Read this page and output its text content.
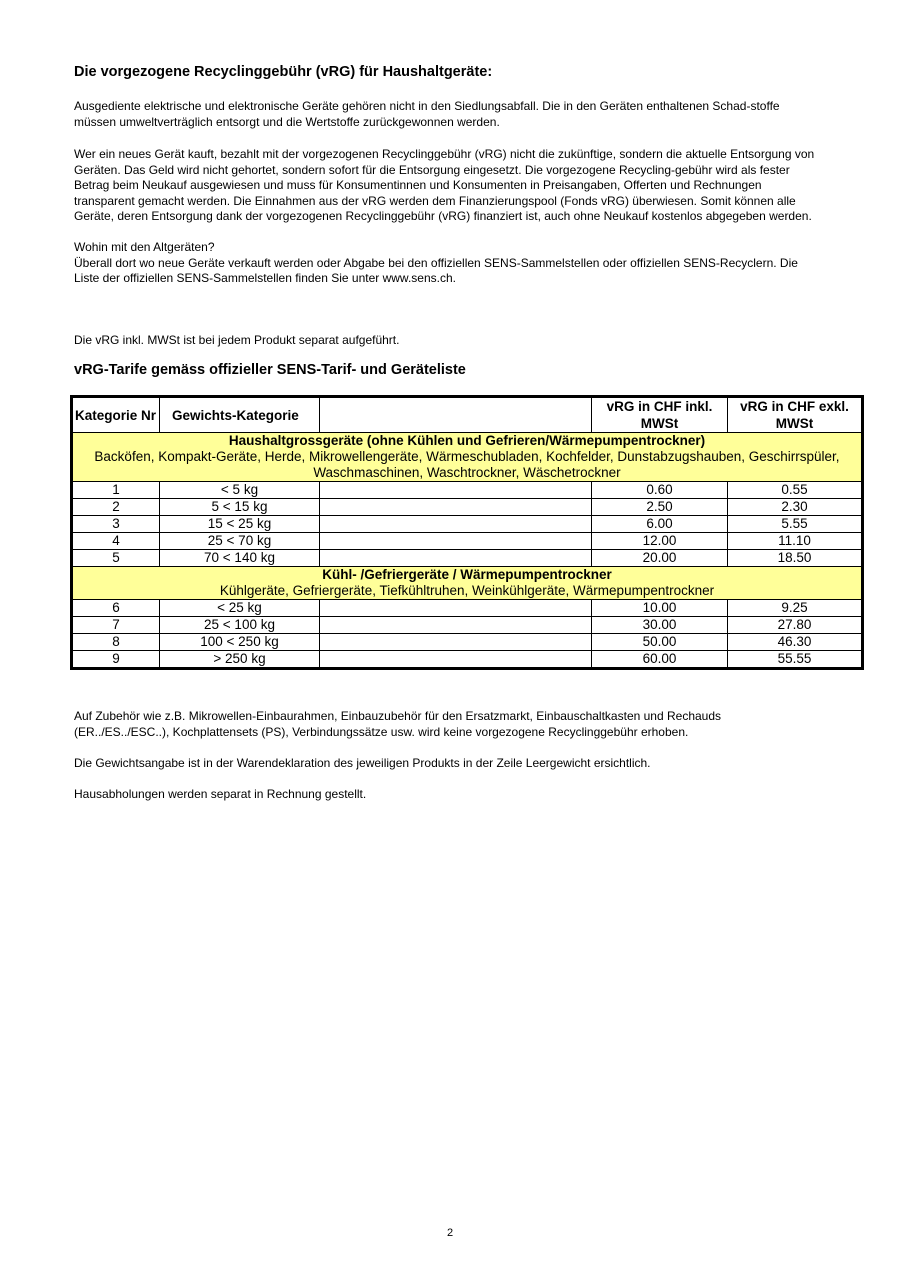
Die vorgezogene Recyclinggebühr (vRG) für Haushaltgeräte:

Ausgediente elektrische und elektronische Geräte gehören nicht in den Siedlungsabfall. Die in den Geräten enthaltenen Schad-stoffe
müssen umweltverträglich entsorgt und die Wertstoffe zurückgewonnen werden.

Wer ein neues Gerät kauft, bezahlt mit der vorgezogenen Recyclinggebühr (vRG) nicht die zukünftige, sondern die aktuelle Entsorgung von
Geräten. Das Geld wird nicht gehortet, sondern sofort für die Entsorgung eingesetzt. Die vorgezogene Recycling-gebühr wird als fester
Betrag beim Neukauf ausgewiesen und muss für Konsumentinnen und Konsumenten in Preisangaben, Offerten und Rechnungen
transparent gemacht werden. Die Einnahmen aus der vRG werden dem Finanzierungspool (Fonds vRG) überwiesen. Somit können alle
Geräte, deren Entsorgung dank der vorgezogenen Recyclinggebühr (vRG) finanziert ist, auch ohne Neukauf kostenlos abgegeben werden.

Wohin mit den Altgeräten?
Überall dort wo neue Geräte verkauft werden oder Abgabe bei den offiziellen SENS-Sammelstellen oder offiziellen SENS-Recyclern. Die
Liste der offiziellen SENS-Sammelstellen finden Sie unter www.sens.ch.

Die vRG inkl. MWSt ist bei jedem Produkt separat aufgeführt.

vRG-Tarife gemäss offizieller SENS-Tarif- und Geräteliste
Kategorie Nr	Gewichts-Kategorie		vRG in CHF inkl. MWSt	vRG in CHF exkl. MWSt

Haushaltgrossgeräte (ohne Kühlen und Gefrieren/Wärmepumpentrockner)
Backöfen, Kompakt-Geräte, Herde, Mikrowellengeräte, Wärmeschubladen, Kochfelder, Dunstabzugshauben, Geschirrspüler, Waschmaschinen, Waschtrockner, Wäschetrockner				

1	< 5 kg		0.60	0.55
2	5 < 15 kg		2.50	2.30
3	15 < 25 kg		6.00	5.55
4	25 < 70 kg		12.00	11.10
5	70 < 140 kg		20.00	18.50

Kühl- /Gefriergeräte / Wärmepumpentrockner
Kühlgeräte, Gefriergeräte, Tiefkühltruhen, Weinkühlgeräte, Wärmepumpentrockner				

6	< 25 kg		10.00	9.25
7	25 < 100 kg		30.00	27.80
8	100 < 250 kg		50.00	46.30
9	> 250 kg		60.00	55.55

Auf Zubehör wie z.B. Mikrowellen-Einbaurahmen, Einbauzubehör für den Ersatzmarkt, Einbauschaltkasten und Rechauds
(ER../ES../ESC..), Kochplattensets (PS), Verbindungssätze usw. wird keine vorgezogene Recyclinggebühr erhoben.

Die Gewichtsangabe ist in der Warendeklaration des jeweiligen Produkts in der Zeile Leergewicht ersichtlich.

Hausabholungen werden separat in Rechnung gestellt.

2
